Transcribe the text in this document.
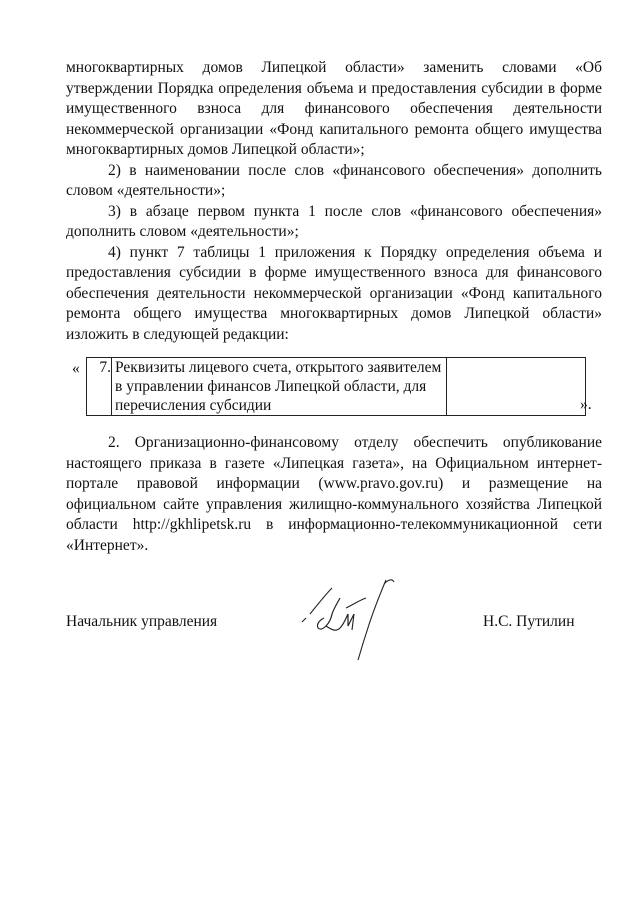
многоквартирных домов Липецкой области» заменить словами «Об утверждении Порядка определения объема и предоставления субсидии в форме имущественного взноса для финансового обеспечения деятельности некоммерческой организации «Фонд капитального ремонта общего имущества многоквартирных домов Липецкой области»;

2) в наименовании после слов «финансового обеспечения» дополнить словом «деятельности»;

3) в абзаце первом пункта 1 после слов «финансового обеспечения» дополнить словом «деятельности»;

4) пункт 7 таблицы 1 приложения к Порядку определения объема и предоставления субсидии в форме имущественного взноса для финансового обеспечения деятельности некоммерческой организации «Фонд капитального ремонта общего имущества многоквартирных домов Липецкой области» изложить в следующей редакции:

« 7.	Реквизиты лицевого счета, открытого заявителем в управлении финансов Липецкой области, для перечисления субсидии		».

2. Организационно-финансовому отделу обеспечить опубликование настоящего приказа в газете «Липецкая газета», на Официальном интернет-портале правовой информации (www.pravo.gov.ru) и размещение на официальном сайте управления жилищно-коммунального хозяйства Липецкой области http://gkhlipetsk.ru в информационно-телекоммуникационной сети «Интернет».

Начальник управления	Н.С. Путилин
